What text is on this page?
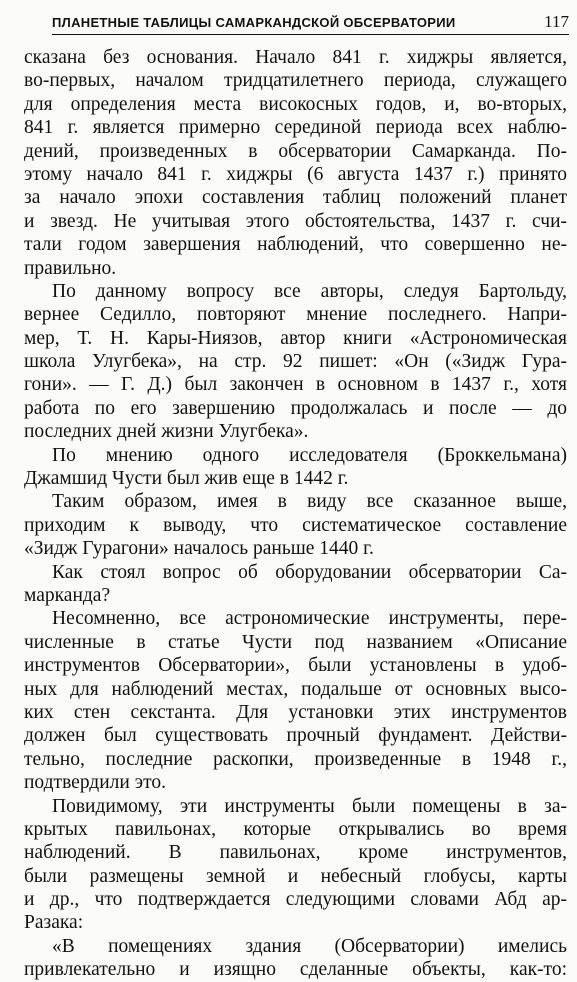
ПЛАНЕТНЫЕ ТАБЛИЦЫ САМАРКАНДСКОЙ ОБСЕРВАТОРИИ	117
сказана без основания. Начало 841 г. хиджры является,
во-первых, началом тридцатилетнего периода, служащего
для определения места високосных годов, и, во-вторых,
841 г. является примерно серединой периода всех наблю-
дений, произведенных в обсерватории Самарканда. По-
этому начало 841 г. хиджры (6 августа 1437 г.) принято
за начало эпохи составления таблиц положений планет
и звезд. Не учитывая этого обстоятельства, 1437 г. счи-
тали годом завершения наблюдений, что совершенно не-
правильно.
По данному вопросу все авторы, следуя Бартольду,
вернее Седилло, повторяют мнение последнего. Напри-
мер, Т. Н. Кары-Ниязов, автор книги «Астрономическая
школа Улугбека», на стр. 92 пишет: «Он («Зидж Гура-
гони». — Г. Д.) был закончен в основном в 1437 г., хотя
работа по его завершению продолжалась и после — до
последних дней жизни Улугбека».
По мнению одного исследователя (Броккельмана)
Джамшид Чусти был жив еще в 1442 г.
Таким образом, имея в виду все сказанное выше,
приходим к выводу, что систематическое составление
«Зидж Гурагони» началось раньше 1440 г.
Как стоял вопрос об оборудовании обсерватории Са-
марканда?
Несомненно, все астрономические инструменты, пере-
численные в статье Чусти под названием «Описание
инструментов Обсерватории», были установлены в удоб-
ных для наблюдений местах, подальше от основных высо-
ких стен секстанта. Для установки этих инструментов
должен был существовать прочный фундамент. Действи-
тельно, последние раскопки, произведенные в 1948 г.,
подтвердили это.
Повидимому, эти инструменты были помещены в за-
крытых павильонах, которые открывались во время
наблюдений. В павильонах, кроме инструментов,
были размещены земной и небесный глобусы, карты
и др., что подтверждается следующими словами Абд ар-
Разака:
«В помещениях здания (Обсерватории) имелись
привлекательно и изящно сделанные объекты, как-то:
